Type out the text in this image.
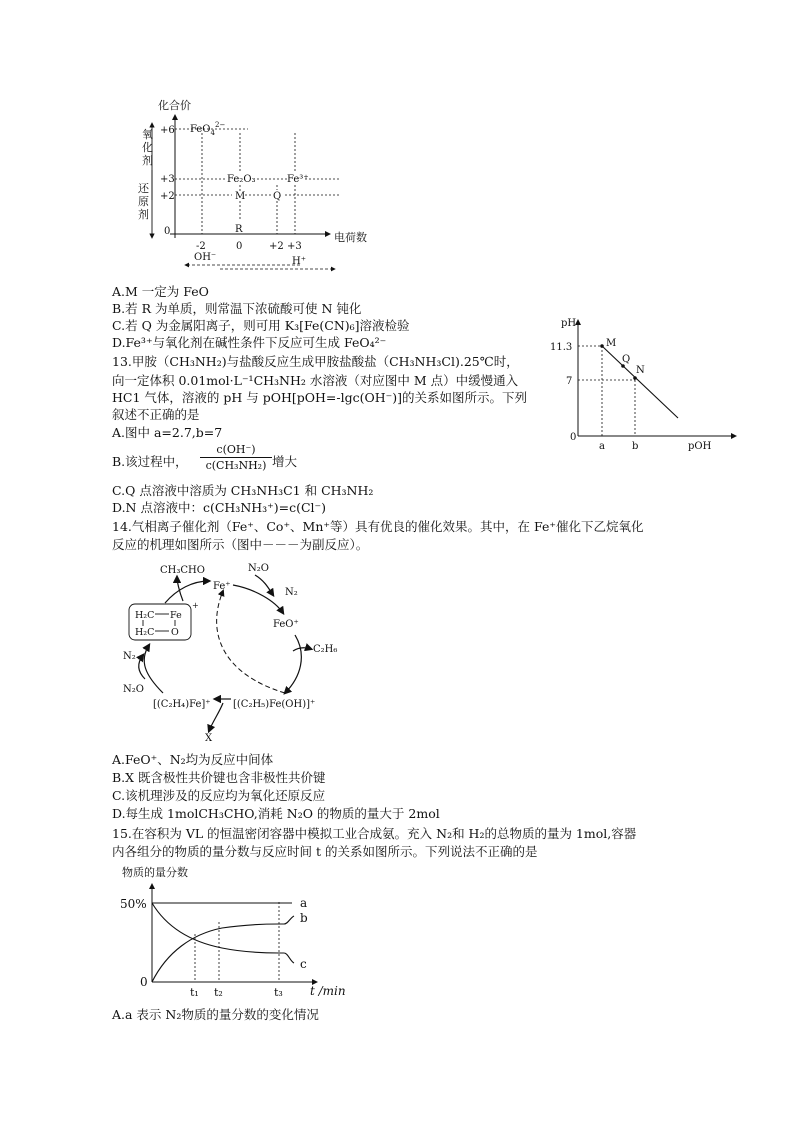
化合价
电荷数
氧
化
剂
还
原
剂
+6
+3
+2
0
FeO$_4^{2-}$
Fe₂O₃	Fe³⁺
M	Q
R
-2	0	+2 +3
OH⁻	H⁺
A.M 一定为 FeO
B.若 R 为单质，则常温下浓硫酸可使 N 钝化
C.若 Q 为金属阳离子，则可用 K₃[Fe(CN)₆]溶液检验
D.Fe³⁺与氧化剂在碱性条件下反应可生成 FeO₄²⁻
13.甲胺（CH₃NH₂)与盐酸反应生成甲胺盐酸盐（CH₃NH₃Cl).25℃时，
向一定体积 0.01mol·L⁻¹CH₃NH₂ 水溶液（对应图中 M 点）中缓慢通入
HC1 气体，溶液的 pH 与 pOH[pOH=-lgc(OH⁻)]的关系如图所示。下列
叙述不正确的是
A.图中 a=2.7,b=7
B.该过程中， $\frac{c(OH^-)}{\text{c(CH₃NH₂)}}$ 增大
C.Q 点溶液中溶质为 CH₃NH₃C1 和 CH₃NH₂
D.N 点溶液中：c(CH₃NH₃⁺)=c(Cl⁻)
pH
pOH
11.3
7
0
a	b
M
Q
N
14.气相离子催化剂（Fe⁺、Co⁺、Mn⁺等）具有优良的催化效果。其中，在 Fe⁺催化下乙烷氧化
反应的机理如图所示（图中－－－为副反应）。
Fe⁺
FeO⁺
CH₃CHO	N₂O
N₂
C₂H₆
[(C₂H₅)Fe(OH)]⁺
[(C₂H₄)Fe]⁺
X
N₂
N₂O
H₂C Fe
H₂C O
+
A.FeO⁺、N₂均为反应中间体
B.X 既含极性共价键也含非极性共价键
C.该机理涉及的反应均为氧化还原反应
D.每生成 1molCH₃CHO,消耗 N₂O 的物质的量大于 2mol
15.在容积为 VL 的恒温密闭容器中模拟工业合成氨。充入 N₂和 H₂的总物质的量为 1mol,容器
内各组分的物质的量分数与反应时间 t 的关系如图所示。下列说法不正确的是
物质的量分数
50%
0
t₁ t₂	t₃ t /min
a
b
c
A.a 表示 N₂物质的量分数的变化情况
